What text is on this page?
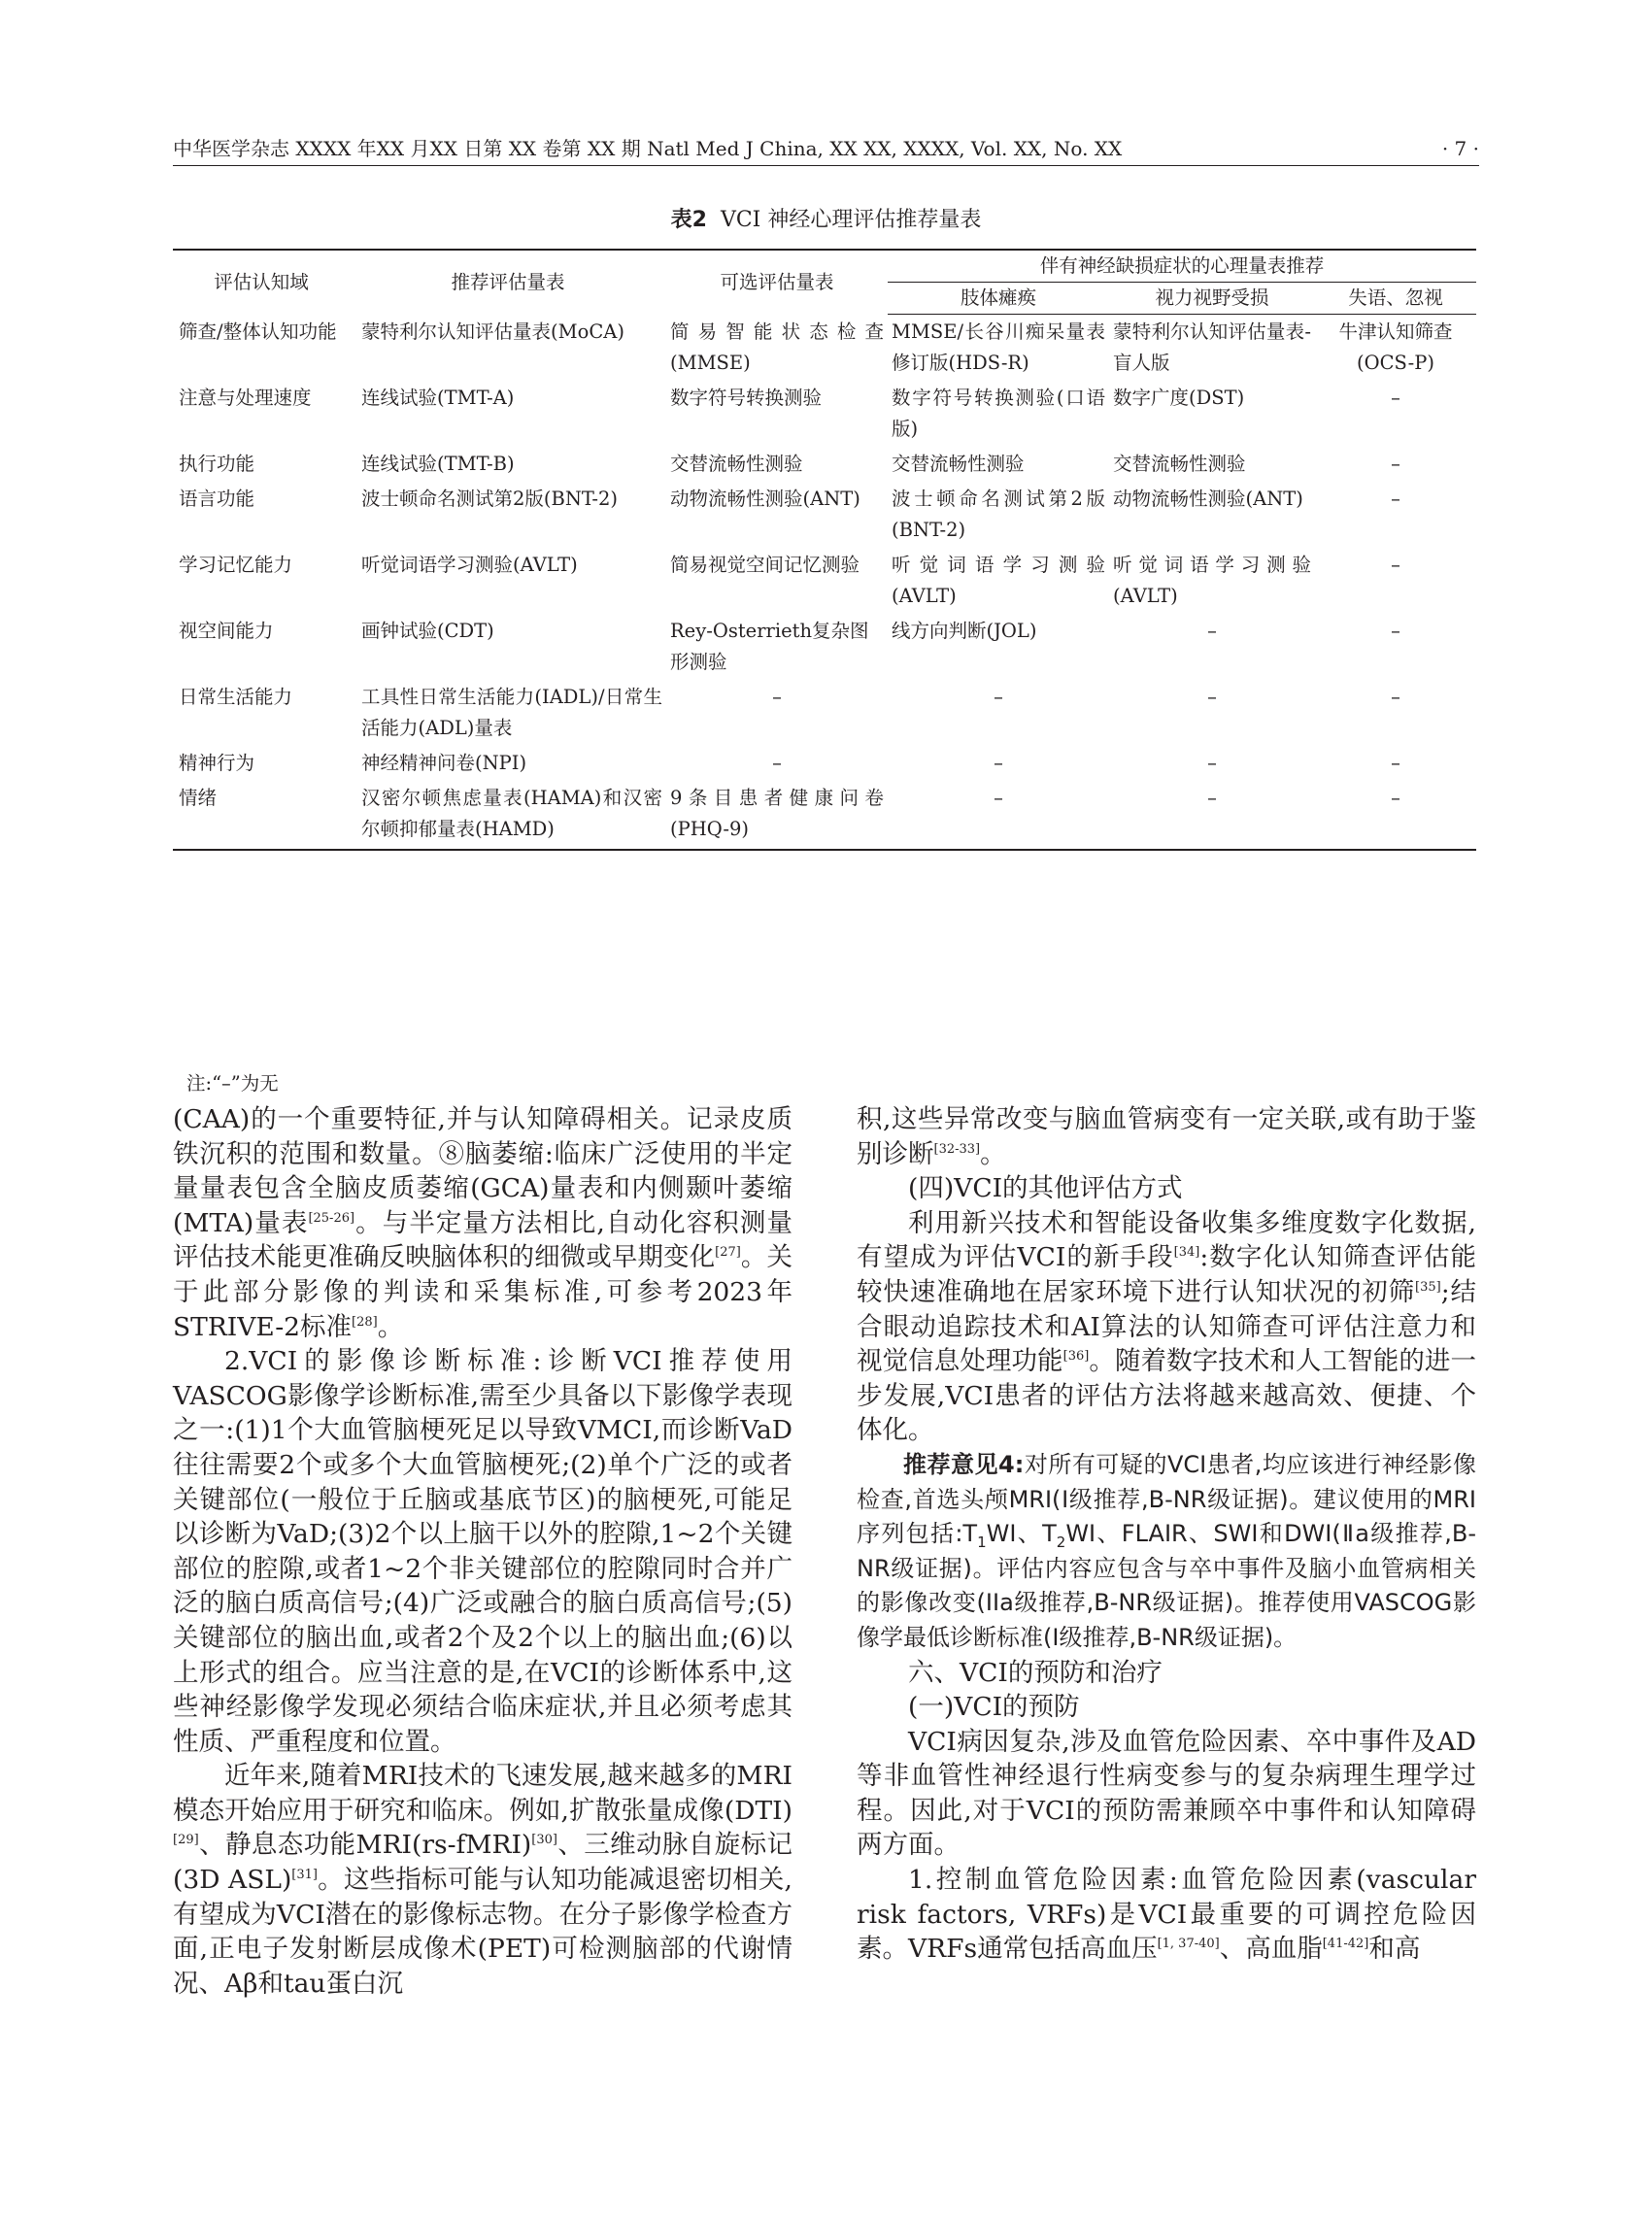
中华医学杂志 XXXX 年XX 月XX 日第 XX 卷第 XX 期 Natl Med J China, XX XX, XXXX, Vol. XX, No. XX	· 7 ·
表2 VCI 神经心理评估推荐量表
评估认知域	推荐评估量表	可选评估量表	伴有神经缺损症状的心理量表推荐		
			肢体瘫痪	视力视野受损	失语、忽视
筛查/整体认知功能	蒙特利尔认知评估量表(MoCA)	简易智能状态检查(MMSE)	MMSE/长谷川痴呆量表修订版(HDS-R)	蒙特利尔认知评估量表-盲人版	牛津认知筛查(OCS-P)
注意与处理速度	连线试验(TMT-A)	数字符号转换测验	数字符号转换测验(口语版)	数字广度(DST)	–
执行功能	连线试验(TMT-B)	交替流畅性测验	交替流畅性测验	交替流畅性测验	–
语言功能	波士顿命名测试第2版(BNT-2)	动物流畅性测验(ANT)	波士顿命名测试第2版(BNT-2)	动物流畅性测验(ANT)	–
学习记忆能力	听觉词语学习测验(AVLT)	简易视觉空间记忆测验	听觉词语学习测验(AVLT)	听觉词语学习测验(AVLT)	–
视空间能力	画钟试验(CDT)	Rey-Osterrieth复杂图形测验	线方向判断(JOL)	–	–
日常生活能力	工具性日常生活能力(IADL)/日常生活能力(ADL)量表	–	–	–	–
精神行为	神经精神问卷(NPI)	–	–	–	–
情绪	汉密尔顿焦虑量表(HAMA)和汉密尔顿抑郁量表(HAMD)	9条目患者健康问卷(PHQ-9)	–	–	–
注:“–”为无

(CAA)的一个重要特征,并与认知障碍相关。记录皮质铁沉积的范围和数量。⑧脑萎缩:临床广泛使用的半定量量表包含全脑皮质萎缩(GCA)量表和内侧颞叶萎缩(MTA)量表[25-26]。与半定量方法相比,自动化容积测量评估技术能更准确反映脑体积的细微或早期变化[27]。关于此部分影像的判读和采集标准,可参考2023年STRIVE-2标准[28]。

2.VCI的影像诊断标准:诊断VCI推荐使用VASCOG影像学诊断标准,需至少具备以下影像学表现之一:(1)1个大血管脑梗死足以导致VMCI,而诊断VaD往往需要2个或多个大血管脑梗死;(2)单个广泛的或者关键部位(一般位于丘脑或基底节区)的脑梗死,可能足以诊断为VaD;(3)2个以上脑干以外的腔隙,1~2个关键部位的腔隙,或者1~2个非关键部位的腔隙同时合并广泛的脑白质高信号;(4)广泛或融合的脑白质高信号;(5)关键部位的脑出血,或者2个及2个以上的脑出血;(6)以上形式的组合。应当注意的是,在VCI的诊断体系中,这些神经影像学发现必须结合临床症状,并且必须考虑其性质、严重程度和位置。

近年来,随着MRI技术的飞速发展,越来越多的MRI模态开始应用于研究和临床。例如,扩散张量成像(DTI)[29]、静息态功能MRI(rs-fMRI)[30]、三维动脉自旋标记(3D ASL)[31]。这些指标可能与认知功能减退密切相关,有望成为VCI潜在的影像标志物。在分子影像学检查方面,正电子发射断层成像术(PET)可检测脑部的代谢情况、Aβ和tau蛋白沉

积,这些异常改变与脑血管病变有一定关联,或有助于鉴别诊断[32-33]。

(四)VCI的其他评估方式

利用新兴技术和智能设备收集多维度数字化数据,有望成为评估VCI的新手段[34]:数字化认知筛查评估能较快速准确地在居家环境下进行认知状况的初筛[35];结合眼动追踪技术和AI算法的认知筛查可评估注意力和视觉信息处理功能[36]。随着数字技术和人工智能的进一步发展,VCI患者的评估方法将越来越高效、便捷、个体化。

推荐意见4:对所有可疑的VCI患者,均应该进行神经影像检查,首选头颅MRI(Ⅰ级推荐,B-NR级证据)。建议使用的MRI序列包括$:T_1WI$、$T_2WI$、FLAIR、SWI和DWI(Ⅱa级推荐,B-NR级证据)。评估内容应包含与卒中事件及脑小血管病相关的影像改变(IIa级推荐,B-NR级证据)。推荐使用VASCOG影像学最低诊断标准(Ⅰ级推荐,B-NR级证据)。

六、VCI的预防和治疗

(一)VCI的预防

VCI病因复杂,涉及血管危险因素、卒中事件及AD等非血管性神经退行性病变参与的复杂病理生理学过程。因此,对于VCI的预防需兼顾卒中事件和认知障碍两方面。

1.控制血管危险因素:血管危险因素(vascular risk factors, VRFs)是VCI最重要的可调控危险因素。VRFs通常包括高血压[1, 37-40]、高血脂[41-42]和高
